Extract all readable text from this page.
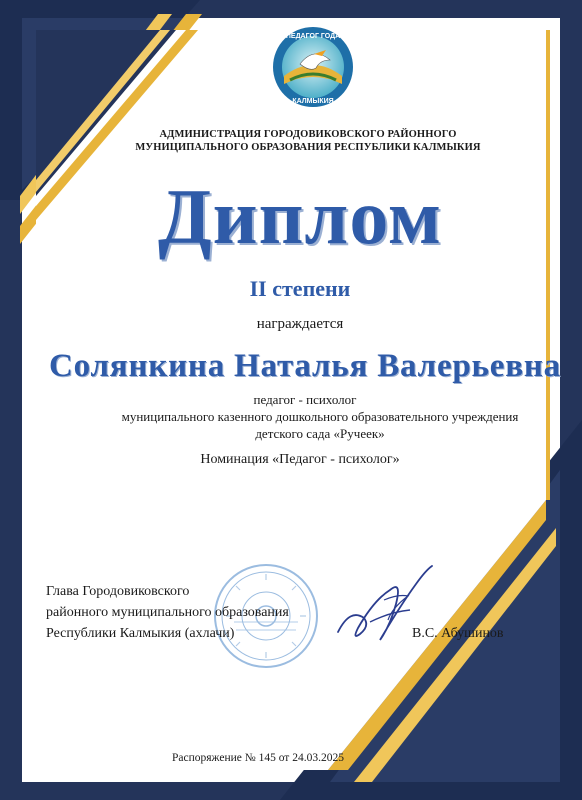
ПЕДАГОГ ГОДА
КАЛМЫКИЯ
АДМИНИСТРАЦИЯ ГОРОДОВИКОВСКОГО РАЙОННОГО
МУНИЦИПАЛЬНОГО ОБРАЗОВАНИЯ РЕСПУБЛИКИ КАЛМЫКИЯ
Диплом
II степени
награждается
Солянкина Наталья Валерьевна
педагог - психолог
муниципального казенного дошкольного образовательного учреждения
детского сада «Ручеек»
Номинация «Педагог - психолог»
Глава Городовиковского
районного муниципального образования
Республики Калмыкия (ахлачи)	В.С. Абушинов
Распоряжение № 145 от 24.03.2025
